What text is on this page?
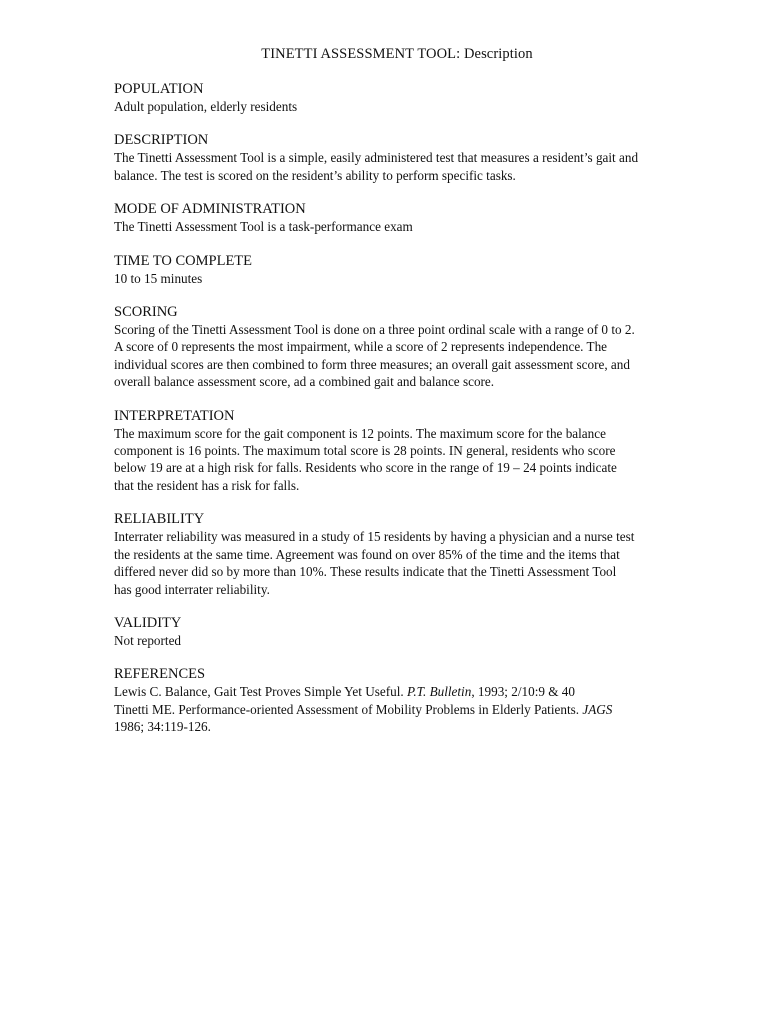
TINETTI ASSESSMENT TOOL: Description
POPULATION
Adult population, elderly residents
DESCRIPTION
The Tinetti Assessment Tool is a simple, easily administered test that measures a resident’s gait and
balance. The test is scored on the resident’s ability to perform specific tasks.
MODE OF ADMINISTRATION
The Tinetti Assessment Tool is a task-performance exam
TIME TO COMPLETE
10 to 15 minutes
SCORING
Scoring of the Tinetti Assessment Tool is done on a three point ordinal scale with a range of 0 to 2.
A score of 0 represents the most impairment, while a score of 2 represents independence. The
individual scores are then combined to form three measures; an overall gait assessment score, and
overall balance assessment score, ad a combined gait and balance score.
INTERPRETATION
The maximum score for the gait component is 12 points. The maximum score for the balance
component is 16 points. The maximum total score is 28 points. IN general, residents who score
below 19 are at a high risk for falls. Residents who score in the range of 19 – 24 points indicate
that the resident has a risk for falls.
RELIABILITY
Interrater reliability was measured in a study of 15 residents by having a physician and a nurse test
the residents at the same time. Agreement was found on over 85% of the time and the items that
differed never did so by more than 10%. These results indicate that the Tinetti Assessment Tool
has good interrater reliability.
VALIDITY
Not reported
REFERENCES
Lewis C. Balance, Gait Test Proves Simple Yet Useful. P.T. Bulletin, 1993; 2/10:9 & 40
Tinetti ME. Performance-oriented Assessment of Mobility Problems in Elderly Patients. JAGS
1986; 34:119-126.
